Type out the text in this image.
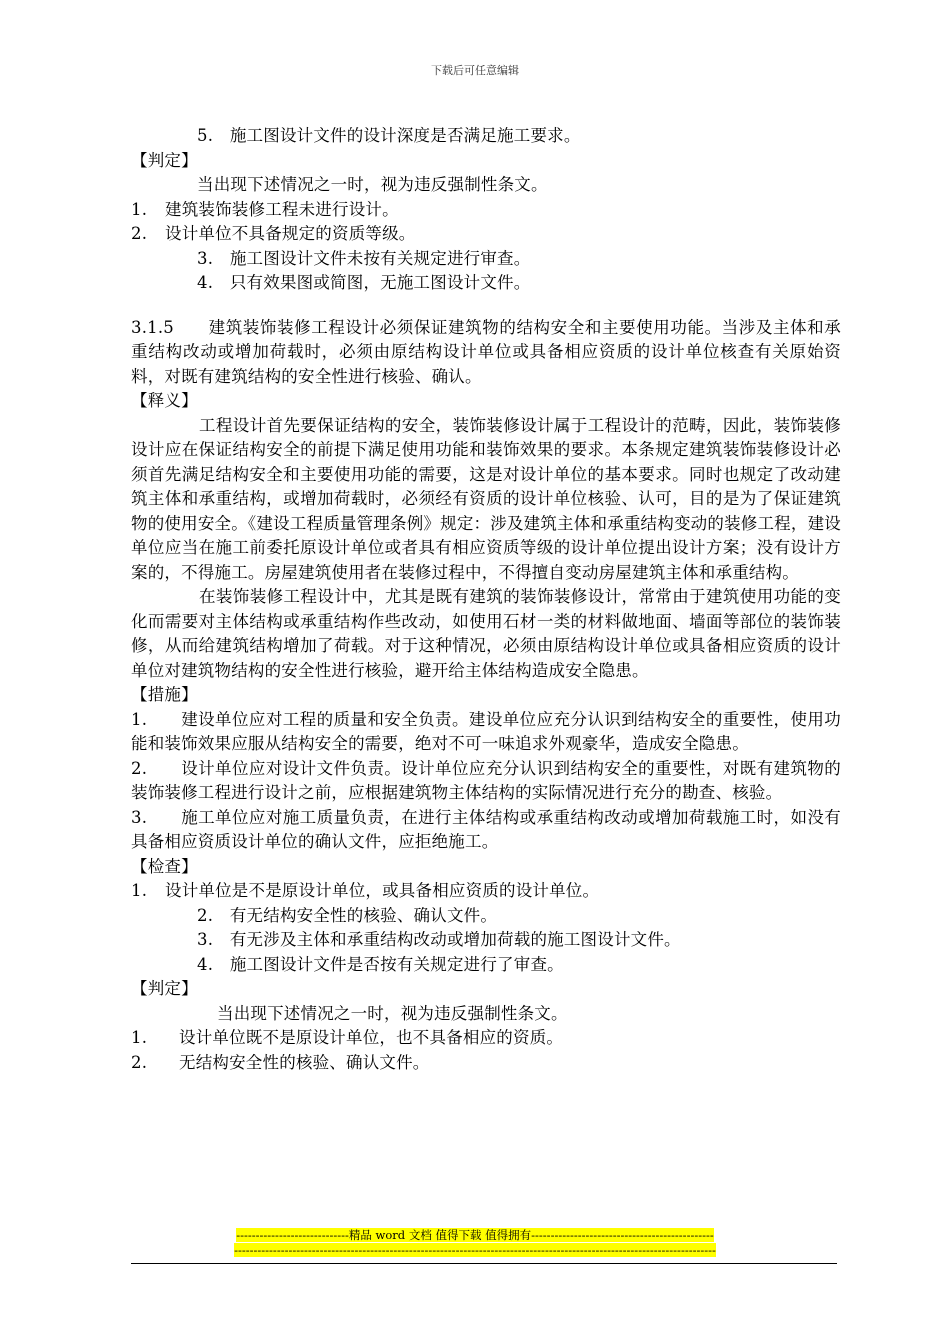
下载后可任意编辑
5.　施工图设计文件的设计深度是否满足施工要求。
【判定】
当出现下述情况之一时，视为违反强制性条文。
1. 建筑装饰装修工程未进行设计。
2. 设计单位不具备规定的资质等级。
3.　施工图设计文件未按有关规定进行审查。
4.　只有效果图或简图，无施工图设计文件。
3.1.5　　建筑装饰装修工程设计必须保证建筑物的结构安全和主要使用功能。当涉及主体和承重结构改动或增加荷载时，必须由原结构设计单位或具备相应资质的设计单位核查有关原始资料，对既有建筑结构的安全性进行核验、确认。
【释义】
工程设计首先要保证结构的安全，装饰装修设计属于工程设计的范畴，因此，装饰装修设计应在保证结构安全的前提下满足使用功能和装饰效果的要求。本条规定建筑装饰装修设计必须首先满足结构安全和主要使用功能的需要，这是对设计单位的基本要求。同时也规定了改动建筑主体和承重结构，或增加荷载时，必须经有资质的设计单位核验、认可，目的是为了保证建筑物的使用安全。《建设工程质量管理条例》规定：涉及建筑主体和承重结构变动的装修工程，建设单位应当在施工前委托原设计单位或者具有相应资质等级的设计单位提出设计方案；没有设计方案的，不得施工。房屋建筑使用者在装修过程中，不得擅自变动房屋建筑主体和承重结构。
在装饰装修工程设计中，尤其是既有建筑的装饰装修设计，常常由于建筑使用功能的变化而需要对主体结构或承重结构作些改动，如使用石材一类的材料做地面、墙面等部位的装饰装修，从而给建筑结构增加了荷载。对于这种情况，必须由原结构设计单位或具备相应资质的设计单位对建筑物结构的安全性进行核验，避开给主体结构造成安全隐患。
【措施】
1.　　建设单位应对工程的质量和安全负责。建设单位应充分认识到结构安全的重要性，使用功能和装饰效果应服从结构安全的需要，绝对不可一味追求外观豪华，造成安全隐患。
2.　　设计单位应对设计文件负责。设计单位应充分认识到结构安全的重要性，对既有建筑物的装饰装修工程进行设计之前，应根据建筑物主体结构的实际情况进行充分的勘查、核验。
3.　　施工单位应对施工质量负责，在进行主体结构或承重结构改动或增加荷载施工时，如没有具备相应资质设计单位的确认文件，应拒绝施工。
【检查】
1. 设计单位是不是原设计单位，或具备相应资质的设计单位。
2.　有无结构安全性的核验、确认文件。
3.　有无涉及主体和承重结构改动或增加荷载的施工图设计文件。
4.　施工图设计文件是否按有关规定进行了审查。
【判定】
当出现下述情况之一时，视为违反强制性条文。
1. 设计单位既不是原设计单位，也不具备相应的资质。
2. 无结构安全性的核验、确认文件。
-----------------------------精品 word 文档 值得下载 值得拥有-----------------------------------------------
----------------------------------------------------------------------------------------------------------------------------
